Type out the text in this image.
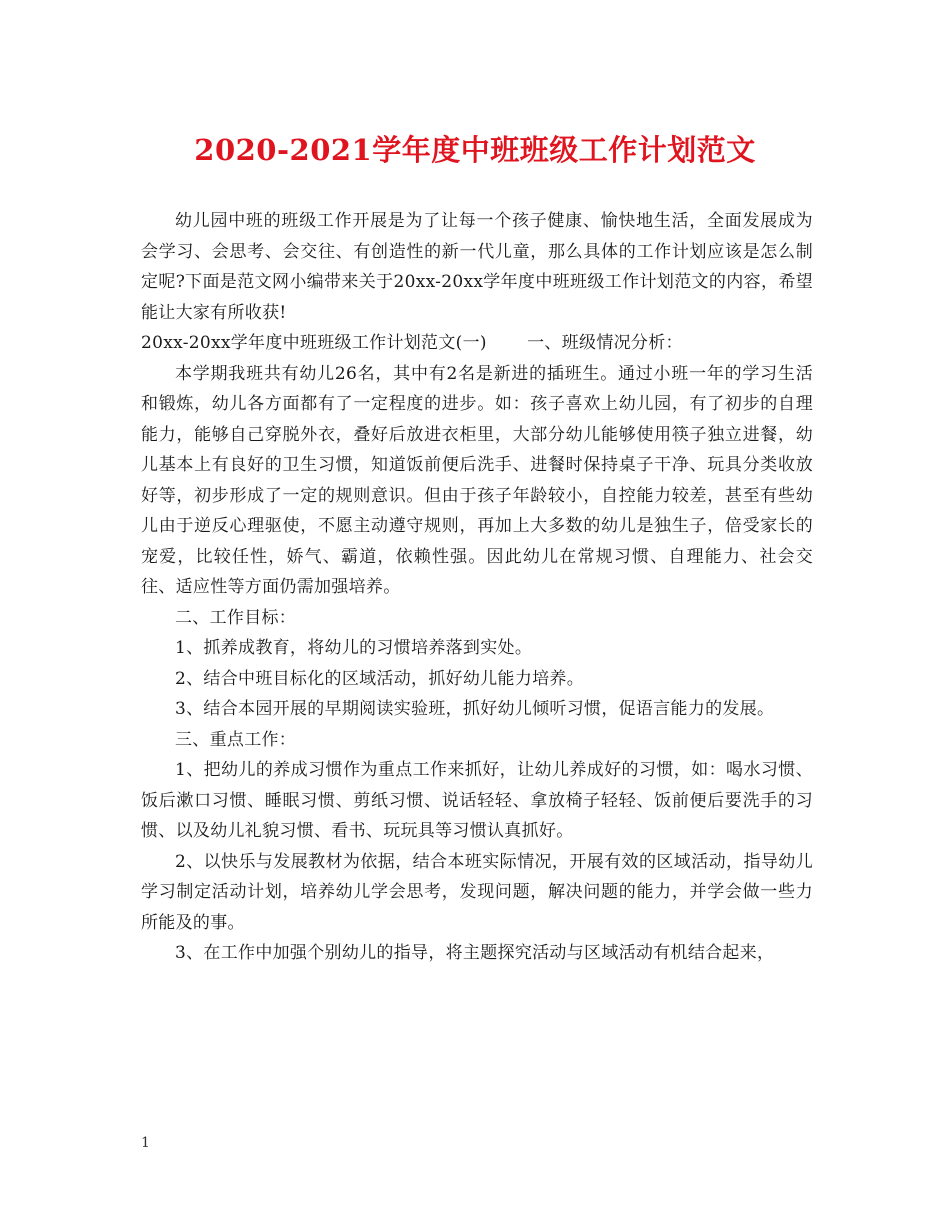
2020-2021学年度中班班级工作计划范文

幼儿园中班的班级工作开展是为了让每一个孩子健康、愉快地生活，全面发展成为会学习、会思考、会交往、有创造性的新一代儿童，那么具体的工作计划应该是怎么制定呢?下面是范文网小编带来关于20xx-20xx学年度中班班级工作计划范文的内容，希望能让大家有所收获!

20xx-20xx学年度中班班级工作计划范文(一)　　 一、班级情况分析：

本学期我班共有幼儿26名，其中有2名是新进的插班生。通过小班一年的学习生活和锻炼，幼儿各方面都有了一定程度的进步。如：孩子喜欢上幼儿园，有了初步的自理能力，能够自己穿脱外衣，叠好后放进衣柜里，大部分幼儿能够使用筷子独立进餐，幼儿基本上有良好的卫生习惯，知道饭前便后洗手、进餐时保持桌子干净、玩具分类收放好等，初步形成了一定的规则意识。但由于孩子年龄较小，自控能力较差，甚至有些幼儿由于逆反心理驱使，不愿主动遵守规则，再加上大多数的幼儿是独生子，倍受家长的宠爱，比较任性，娇气、霸道，依赖性强。因此幼儿在常规习惯、自理能力、社会交往、适应性等方面仍需加强培养。

二、工作目标：

1、抓养成教育，将幼儿的习惯培养落到实处。

2、结合中班目标化的区域活动，抓好幼儿能力培养。

3、结合本园开展的早期阅读实验班，抓好幼儿倾听习惯，促语言能力的发展。

三、重点工作：

1、把幼儿的养成习惯作为重点工作来抓好，让幼儿养成好的习惯，如：喝水习惯、饭后漱口习惯、睡眠习惯、剪纸习惯、说话轻轻、拿放椅子轻轻、饭前便后要洗手的习惯、以及幼儿礼貌习惯、看书、玩玩具等习惯认真抓好。

2、以快乐与发展教材为依据，结合本班实际情况，开展有效的区域活动，指导幼儿学习制定活动计划，培养幼儿学会思考，发现问题，解决问题的能力，并学会做一些力所能及的事。

3、在工作中加强个别幼儿的指导，将主题探究活动与区域活动有机结合起来，

1
